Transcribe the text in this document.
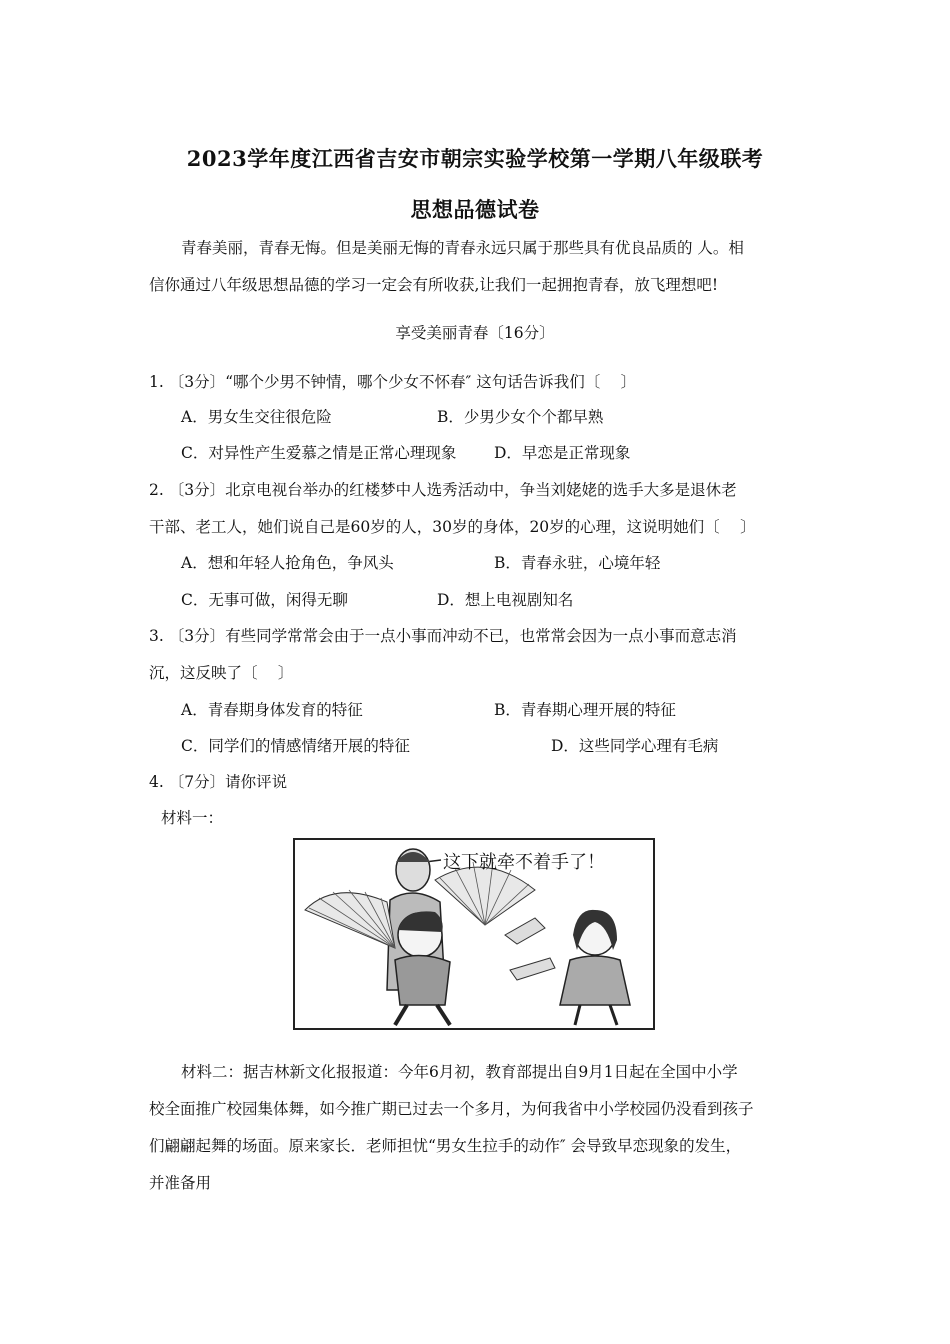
2023学年度江西省吉安市朝宗实验学校第一学期八年级联考
思想品德试卷
青春美丽，青春无悔。但是美丽无悔的青春永远只属于那些具有优良品质的 人。相
信你通过八年级思想品德的学习一定会有所收获,让我们一起拥抱青春，放飞理想吧!
享受美丽青春〔16分〕
1. 〔3分〕“哪个少男不钟情，哪个少女不怀春″ 这句话告诉我们〔　 〕
A．男女生交往很危险	B．少男少女个个都早熟
C．对异性产生爱慕之情是正常心理现象 D．早恋是正常现象
2. 〔3分〕北京电视台举办的红楼梦中人选秀活动中，争当刘姥姥的选手大多是退休老
干部、老工人，她们说自己是60岁的人，30岁的身体，20岁的心理，这说明她们〔　 〕
A．想和年轻人抢角色，争风头	B．青春永驻，心境年轻
C．无事可做，闲得无聊	D．想上电视剧知名
3. 〔3分〕有些同学常常会由于一点小事而冲动不已，也常常会因为一点小事而意志消
沉，这反映了〔　 〕
A．青春期身体发育的特征	B．青春期心理开展的特征
C．同学们的情感情绪开展的特征	D．这些同学心理有毛病
4. 〔7分〕请你评说
材料一：
这下就牵不着手了！
材料二：据吉林新文化报报道：今年6月初，教育部提出自9月1日起在全国中小学
校全面推广校园集体舞，如今推广期已过去一个多月，为何我省中小学校园仍没看到孩子
们翩翩起舞的场面。原来家长．老师担忧“男女生拉手的动作″ 会导致早恋现象的发生，
并准备用
